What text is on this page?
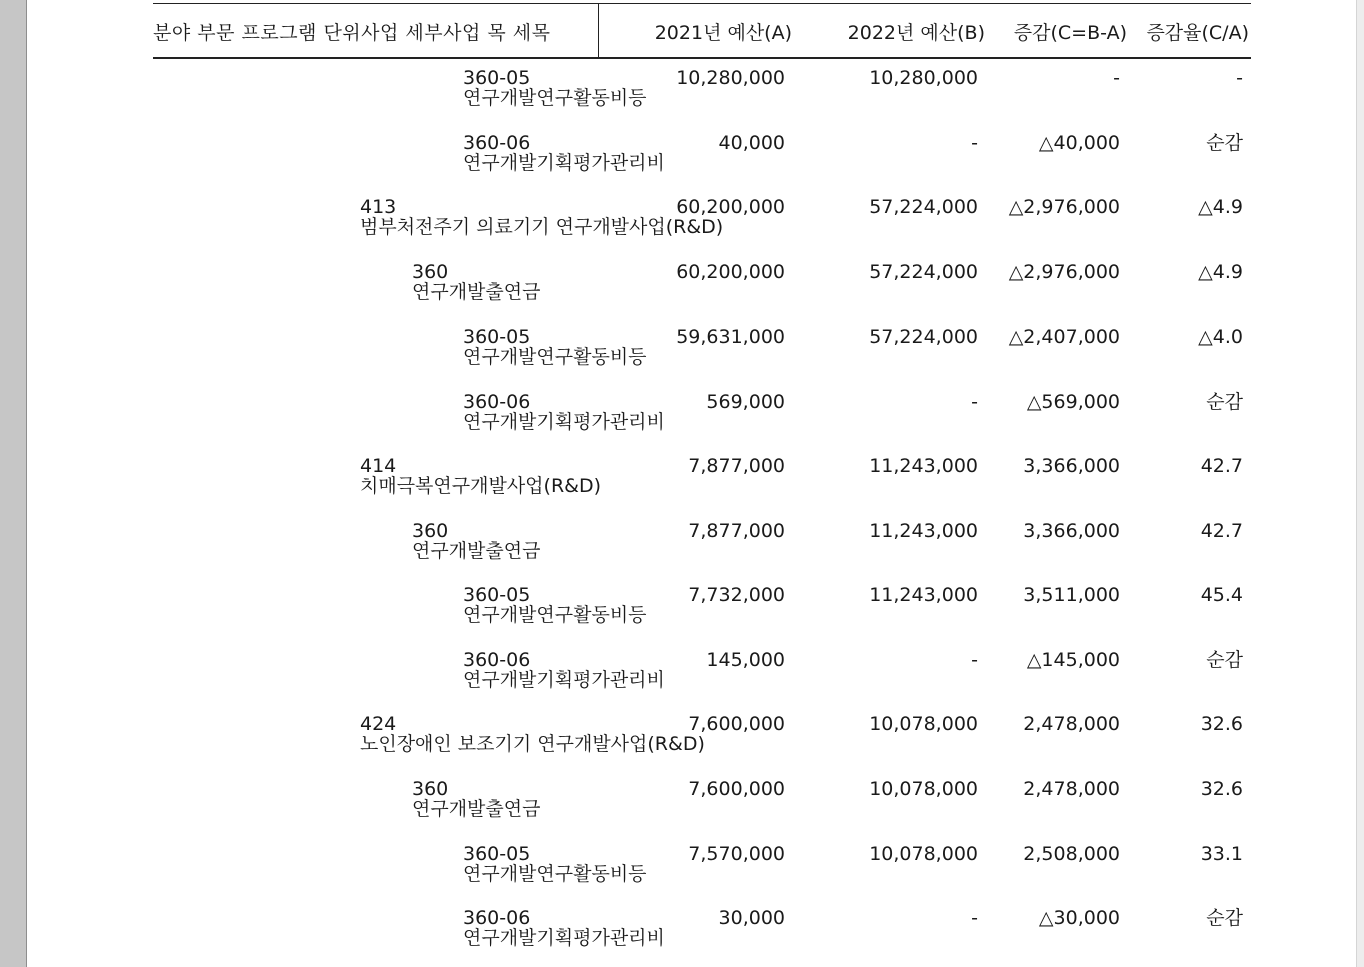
분야 부문 프로그램 단위사업 세부사업 목 세목	2021년 예산(A)	2022년 예산(B) 증감(C=B-A) 증감율(C/A)
360-05
연구개발연구활동비등
10,280,000	10,280,000	-	-
360-06
연구개발기획평가관리비
40,000	-	△40,000	순감
413
범부처전주기 의료기기 연구개발사업(R&D)
60,200,000	57,224,000 △2,976,000	△4.9
360
연구개발출연금
60,200,000	57,224,000 △2,976,000	△4.9
360-05
연구개발연구활동비등
59,631,000	57,224,000 △2,407,000	△4.0
360-06
연구개발기획평가관리비
569,000	-	△569,000	순감
414
치매극복연구개발사업(R&D)
7,877,000	11,243,000 3,366,000	42.7
360
연구개발출연금
7,877,000	11,243,000 3,366,000	42.7
360-05
연구개발연구활동비등
7,732,000	11,243,000 3,511,000	45.4
360-06
연구개발기획평가관리비
145,000	-	△145,000	순감
424
노인장애인 보조기기 연구개발사업(R&D)
7,600,000	10,078,000 2,478,000	32.6
360
연구개발출연금
7,600,000	10,078,000 2,478,000	32.6
360-05
연구개발연구활동비등
7,570,000	10,078,000 2,508,000	33.1
360-06
연구개발기획평가관리비
30,000	-	△30,000	순감
